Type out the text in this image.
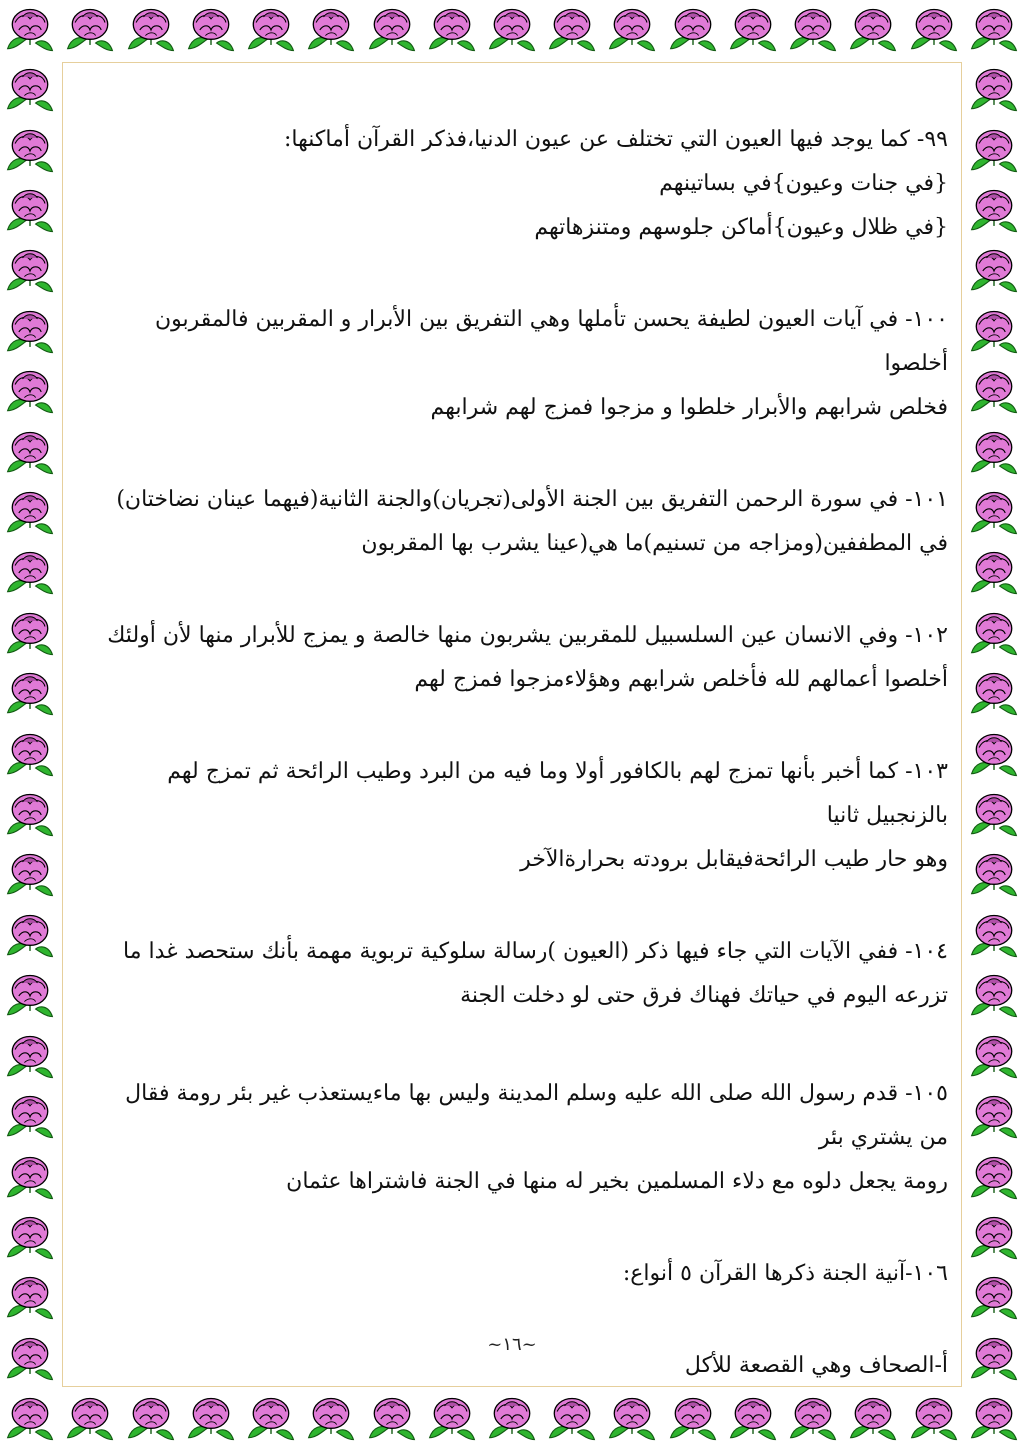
٩٩- كما يوجد فيها العيون التي تختلف عن عيون الدنيا،فذكر القرآن أماكنها:

{في جنات وعيون}في بساتينهم

{في ظلال وعيون}أماكن جلوسهم ومتنزهاتهم

١٠٠- في آيات العيون لطيفة يحسن تأملها وهي التفريق بين الأبرار و المقربين فالمقربون أخلصوا

فخلص شرابهم والأبرار خلطوا و مزجوا فمزج لهم شرابهم

١٠١- في سورة الرحمن التفريق بين الجنة الأولى(تجريان)والجنة الثانية(فيهما عينان نضاختان)

في المطففين(ومزاجه من تسنيم)ما هي(عينا يشرب بها المقربون

١٠٢- وفي الانسان عين السلسبيل للمقربين يشربون منها خالصة و يمزج للأبرار منها لأن أولئك

أخلصوا أعمالهم لله فأخلص شرابهم وهؤلاءمزجوا فمزج لهم

١٠٣- كما أخبر بأنها تمزج لهم بالكافور أولا وما فيه من البرد وطيب الرائحة ثم تمزج لهم بالزنجبيل ثانيا

وهو حار طيب الرائحةفيقابل برودته بحرارةالآخر

١٠٤- ففي الآيات التي جاء فيها ذكر (العيون )رسالة سلوكية تربوية مهمة بأنك ستحصد غدا ما

تزرعه اليوم في حياتك فهناك فرق حتى لو دخلت الجنة

١٠٥- قدم رسول الله صلى الله عليه وسلم المدينة وليس بها ماءيستعذب غير بئر رومة فقال من يشتري بئر

رومة يجعل دلوه مع دلاء المسلمين بخير له منها في الجنة فاشتراها عثمان

١٠٦-آنية الجنة ذكرها القرآن ٥ أنواع:

أ-الصحاف وهي القصعة للأكل

~١٦~
